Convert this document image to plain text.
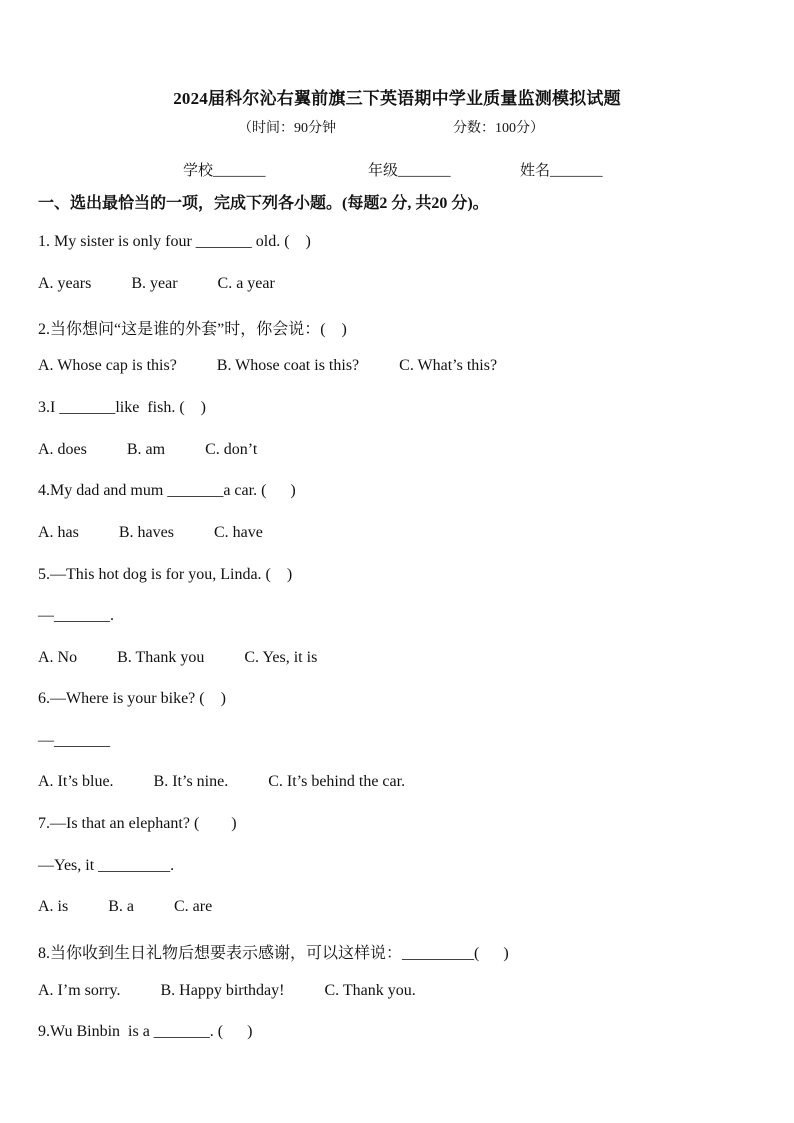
2024届科尔沁右翼前旗三下英语期中学业质量监测模拟试题
（时间：90分钟	分数：100分）
学校_______	年级_______	姓名_______
一、选出最恰当的一项，完成下列各小题。(每题2 分, 共20 分)。
1. My sister is only four _______ old. (    )
A. years          B. year          C. a year
2.当你想问“这是谁的外套”时，你会说：(    )
A. Whose cap is this?          B. Whose coat is this?          C. What’s this?
3.I _______like  fish. (    )
A. does          B. am          C. don’t
4.My dad and mum _______a car. (      )
A. has          B. haves          C. have
5.—This hot dog is for you, Linda. (    )
—_______.
A. No          B. Thank you          C. Yes, it is
6.—Where is your bike? (    )
—_______
A. It’s blue.          B. It’s nine.          C. It’s behind the car.
7.—Is that an elephant? (        )
—Yes, it _________.
A. is          B. a          C. are
8.当你收到生日礼物后想要表示感谢，可以这样说：_________(      )
A. I’m sorry.          B. Happy birthday!          C. Thank you.
9.Wu Binbin  is a _______. (      )
